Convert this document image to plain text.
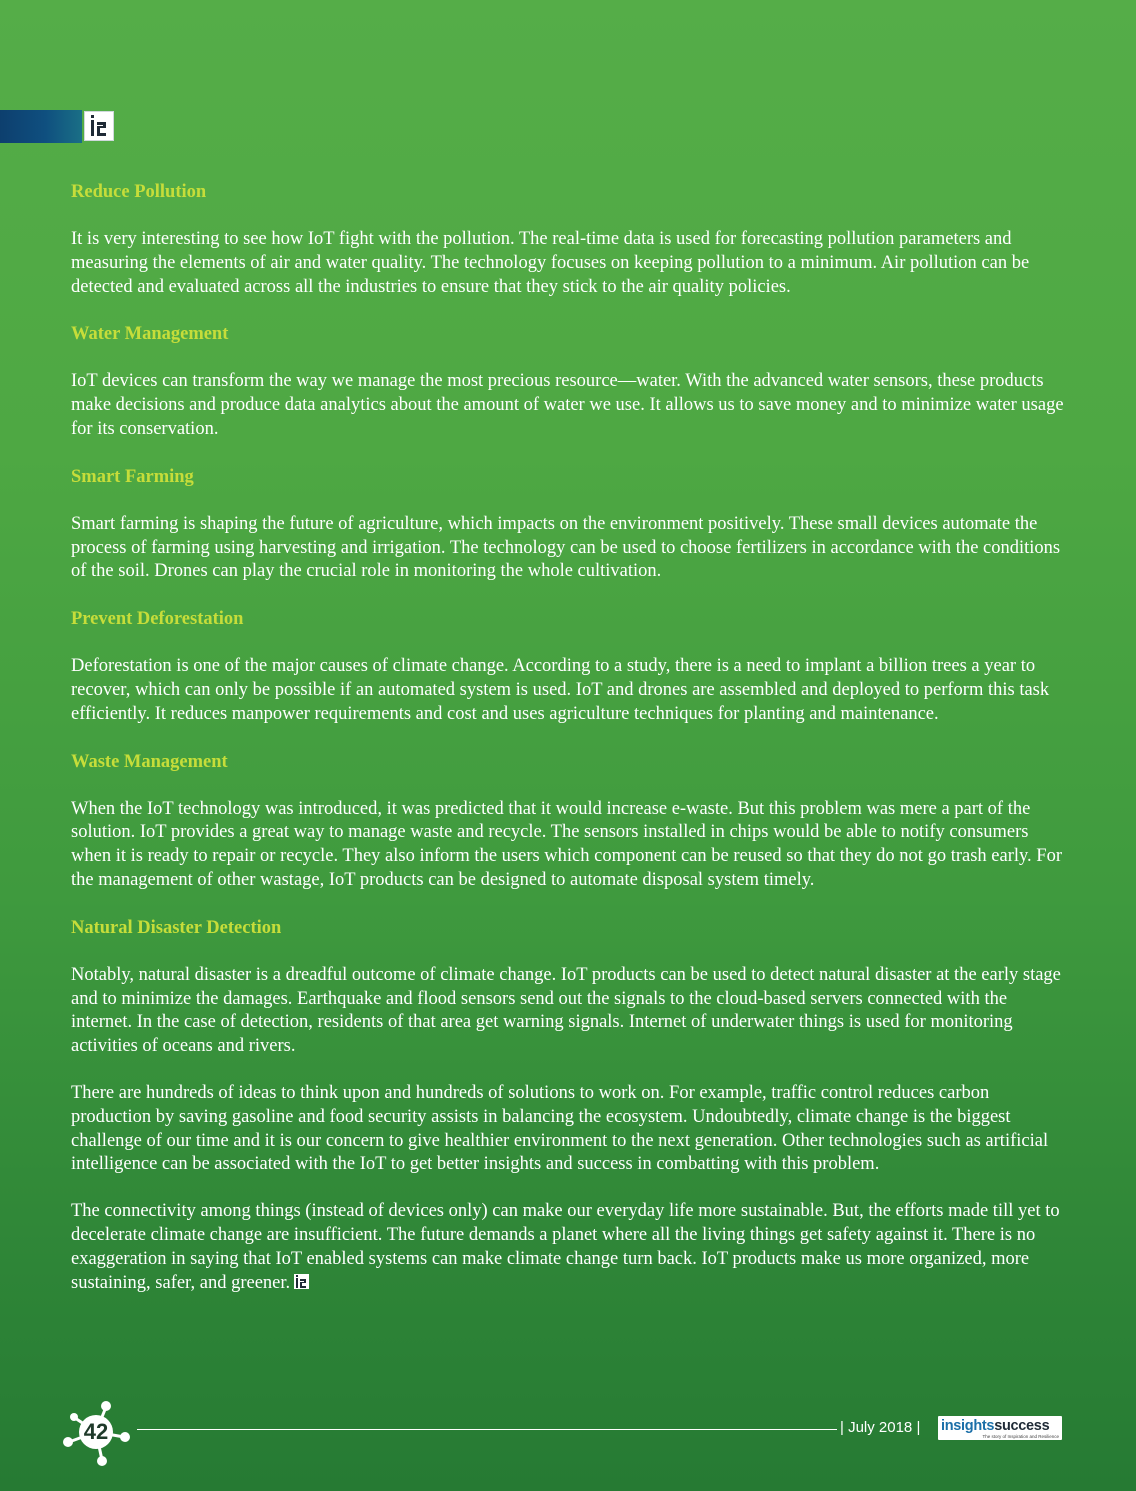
Reduce Pollution

It is very interesting to see how IoT fight with the pollution. The real-time data is used for forecasting pollution parameters and measuring the elements of air and water quality. The technology focuses on keeping pollution to a minimum. Air pollution can be detected and evaluated across all the industries to ensure that they stick to the air quality policies.

Water Management

IoT devices can transform the way we manage the most precious resource—water. With the advanced water sensors, these products make decisions and produce data analytics about the amount of water we use. It allows us to save money and to minimize water usage for its conservation.

Smart Farming

Smart farming is shaping the future of agriculture, which impacts on the environment positively. These small devices automate the process of farming using harvesting and irrigation. The technology can be used to choose fertilizers in accordance with the conditions of the soil. Drones can play the crucial role in monitoring the whole cultivation.

Prevent Deforestation

Deforestation is one of the major causes of climate change. According to a study, there is a need to implant a billion trees a year to recover, which can only be possible if an automated system is used. IoT and drones are assembled and deployed to perform this task efficiently. It reduces manpower requirements and cost and uses agriculture techniques for planting and maintenance.

Waste Management

When the IoT technology was introduced, it was predicted that it would increase e-waste. But this problem was mere a part of the solution. IoT provides a great way to manage waste and recycle. The sensors installed in chips would be able to notify consumers when it is ready to repair or recycle. They also inform the users which component can be reused so that they do not go trash early. For the management of other wastage, IoT products can be designed to automate disposal system timely.

Natural Disaster Detection

Notably, natural disaster is a dreadful outcome of climate change. IoT products can be used to detect natural disaster at the early stage and to minimize the damages. Earthquake and flood sensors send out the signals to the cloud-based servers connected with the internet. In the case of detection, residents of that area get warning signals. Internet of underwater things is used for monitoring activities of oceans and rivers.

There are hundreds of ideas to think upon and hundreds of solutions to work on. For example, traffic control reduces carbon production by saving gasoline and food security assists in balancing the ecosystem. Undoubtedly, climate change is the biggest challenge of our time and it is our concern to give healthier environment to the next generation. Other technologies such as artificial intelligence can be associated with the IoT to get better insights and success in combatting with this problem.

The connectivity among things (instead of devices only) can make our everyday life more sustainable. But, the efforts made till yet to decelerate climate change are insufficient. The future demands a planet where all the living things get safety against it. There is no exaggeration in saying that IoT enabled systems can make climate change turn back. IoT products make us more organized, more sustaining, safer, and greener.

42	| July 2018 | insightssuccess
The story of Inspiration and Resilience
